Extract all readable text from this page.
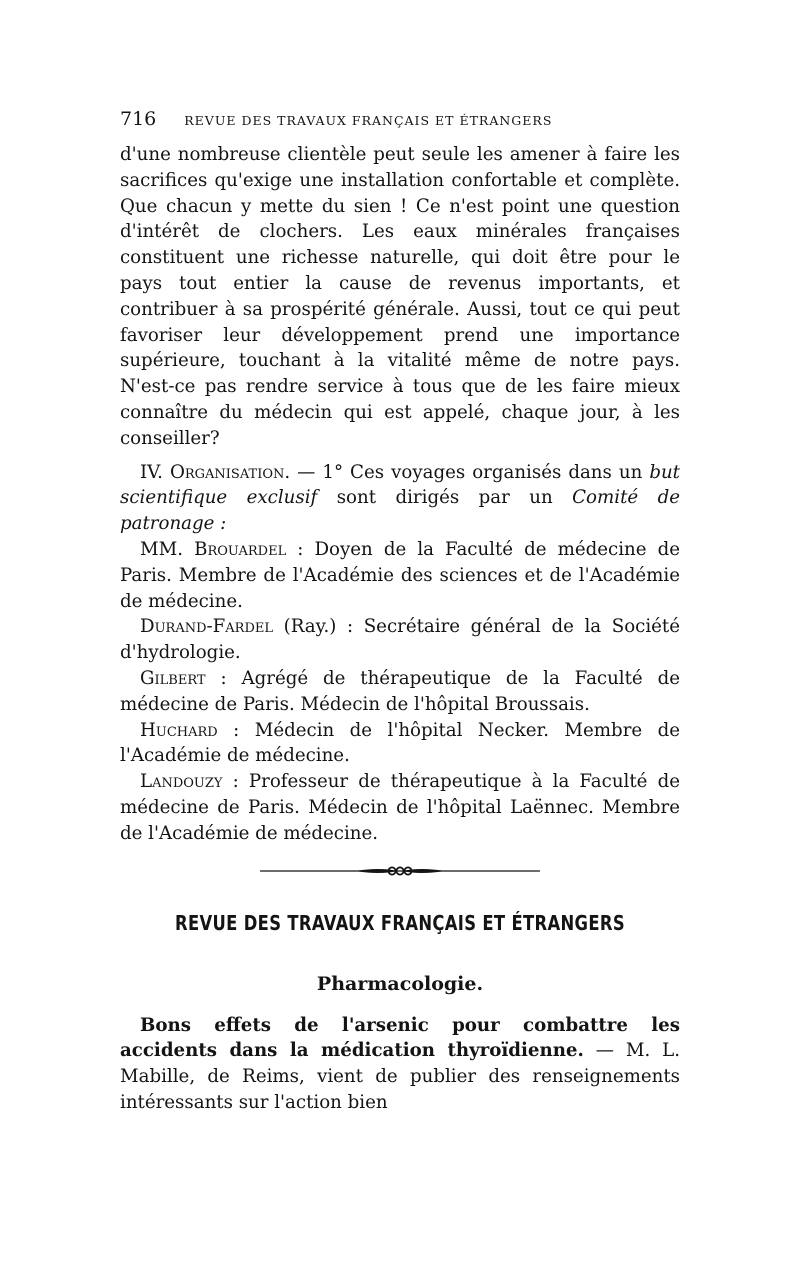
716 REVUE DES TRAVAUX FRANÇAIS ET ÉTRANGERS

d'une nombreuse clientèle peut seule les amener à faire les sacrifices qu'exige une installation confortable et complète. Que chacun y mette du sien ! Ce n'est point une question d'intérêt de clochers. Les eaux minérales françaises constituent une richesse naturelle, qui doit être pour le pays tout entier la cause de revenus importants, et contribuer à sa prospérité générale. Aussi, tout ce qui peut favoriser leur développement prend une importance supérieure, touchant à la vitalité même de notre pays. N'est-ce pas rendre service à tous que de les faire mieux connaître du médecin qui est appelé, chaque jour, à les conseiller?

IV. Organisation. — 1° Ces voyages organisés dans un but scientifique exclusif sont dirigés par un Comité de patronage :

MM. Brouardel : Doyen de la Faculté de médecine de Paris. Membre de l'Académie des sciences et de l'Académie de médecine.

Durand-Fardel (Ray.) : Secrétaire général de la Société d'hydrologie.

Gilbert : Agrégé de thérapeutique de la Faculté de médecine de Paris. Médecin de l'hôpital Broussais.

Huchard : Médecin de l'hôpital Necker. Membre de l'Académie de médecine.

Landouzy : Professeur de thérapeutique à la Faculté de médecine de Paris. Médecin de l'hôpital Laënnec. Membre de l'Académie de médecine.

REVUE DES TRAVAUX FRANÇAIS ET ÉTRANGERS
Pharmacologie.

Bons effets de l'arsenic pour combattre les accidents dans la médication thyroïdienne. — M. L. Mabille, de Reims, vient de publier des renseignements intéressants sur l'action bien
